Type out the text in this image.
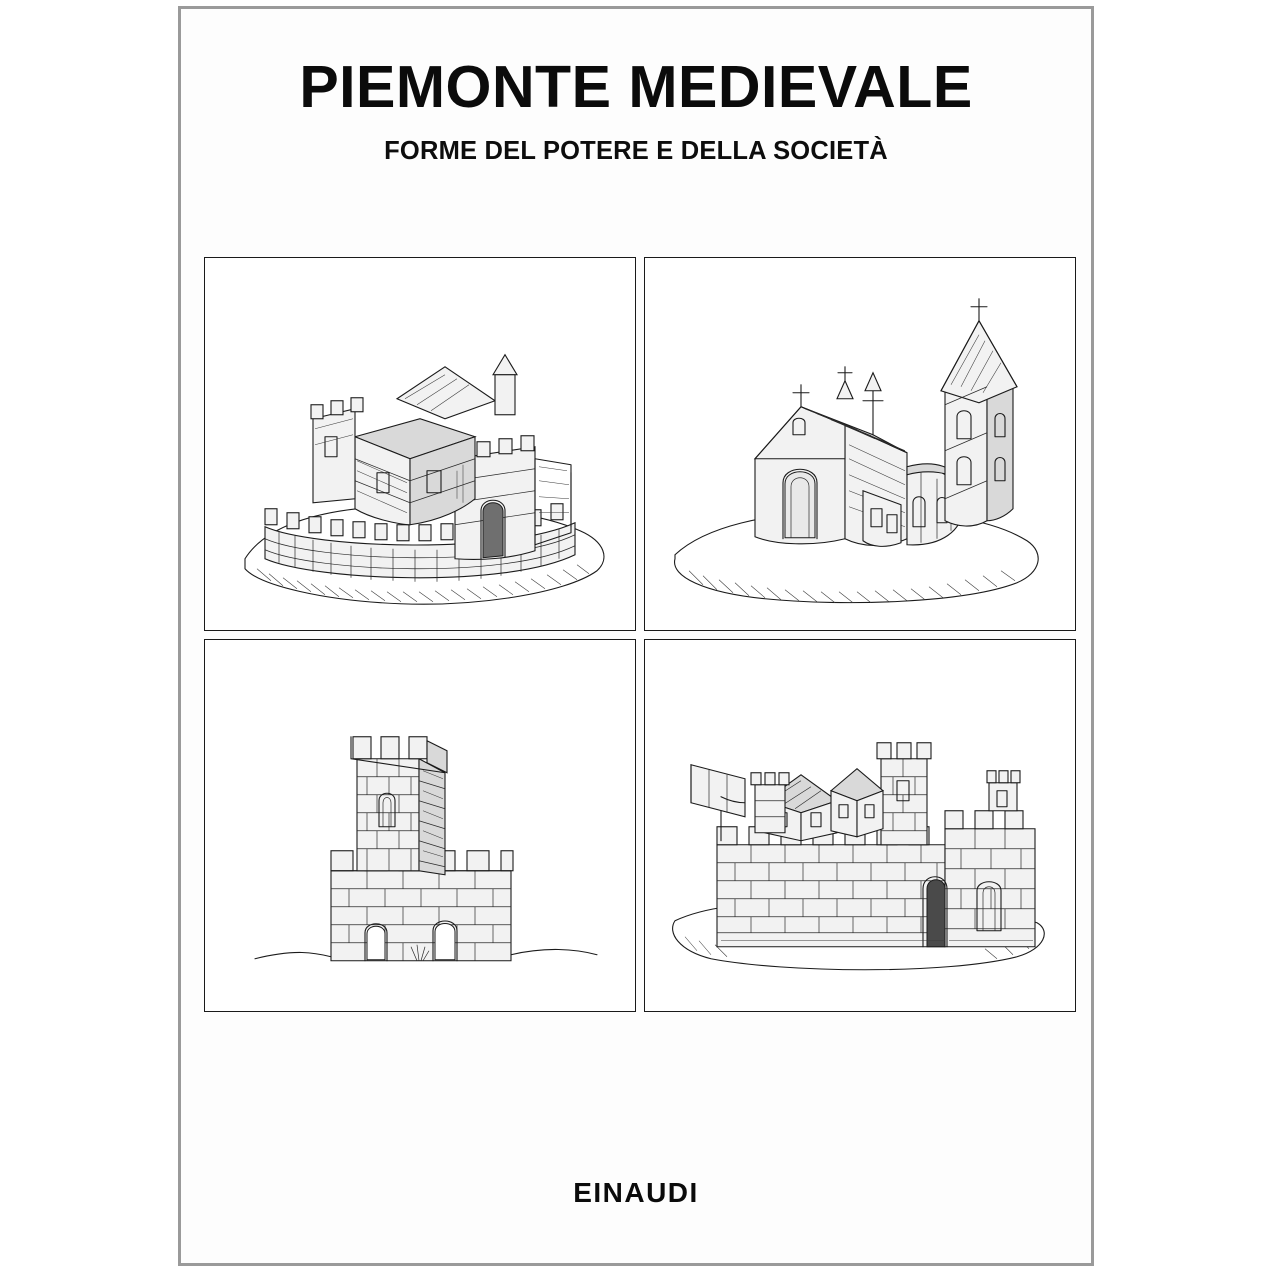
PIEMONTE MEDIEVALE
FORME DEL POTERE E DELLA SOCIETÀ
EINAUDI
